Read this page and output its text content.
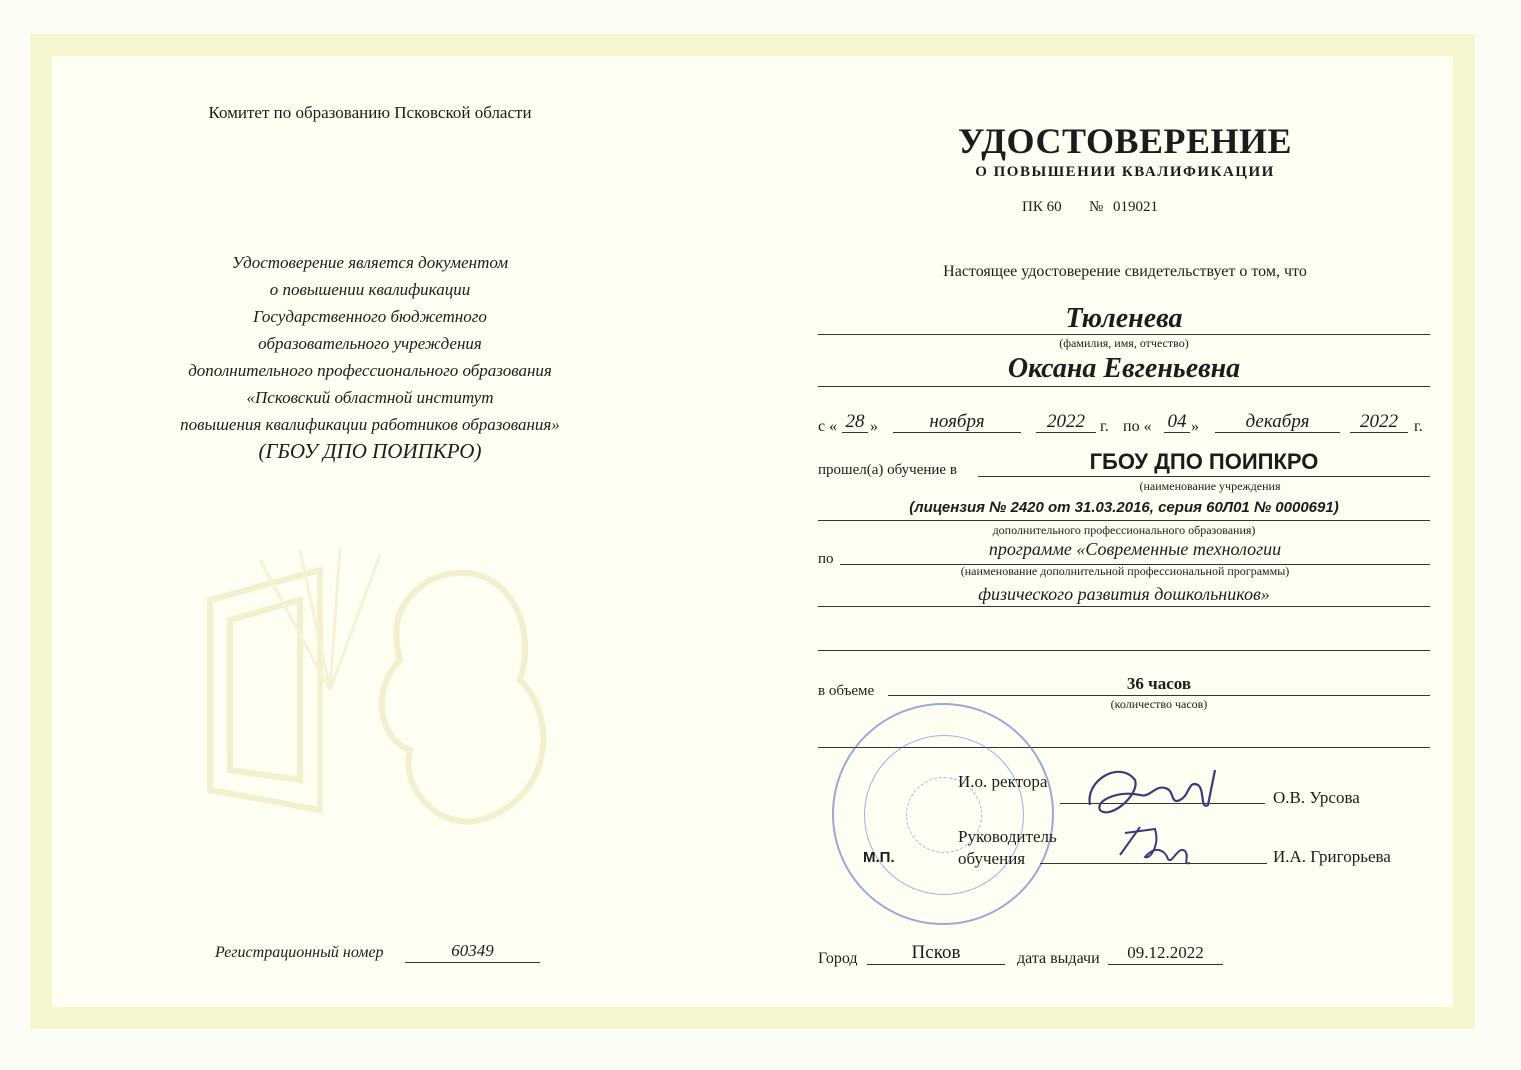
Комитет по образованию Псковской области
Удостоверение является документом
о повышении квалификации
Государственного бюджетного
образовательного учреждения
дополнительного профессионального образования
«Псковский областной институт
повышения квалификации работников образования»
(ГБОУ ДПО ПОИПКРО)
Регистрационный номер	60349
УДОСТОВЕРЕНИЕ
О ПОВЫШЕНИИ КВАЛИФИКАЦИИ
ПК 60 № 019021
Настоящее удостоверение свидетельствует о том, что
Тюленева
(фамилия, имя, отчество)
Оксана Евгеньевна
с « 28 »	ноября	2022 г. по « 04 »	декабря	2022	г.
прошел(а) обучение в	ГБОУ ДПО ПОИПКРО
(наименование учреждения
(лицензия № 2420 от 31.03.2016, серия 60Л01 № 0000691)
дополнительного профессионального образования)
по	программе «Современные технологии
(наименование дополнительной профессиональной программы)
физического развития дошкольников»
в объеме	36 часов
(количество часов)
М.П.
И.о. ректора
О.В. Урсова
Руководитель
обучения	И.А. Григорьева
Город	Псков	дата выдачи	09.12.2022
